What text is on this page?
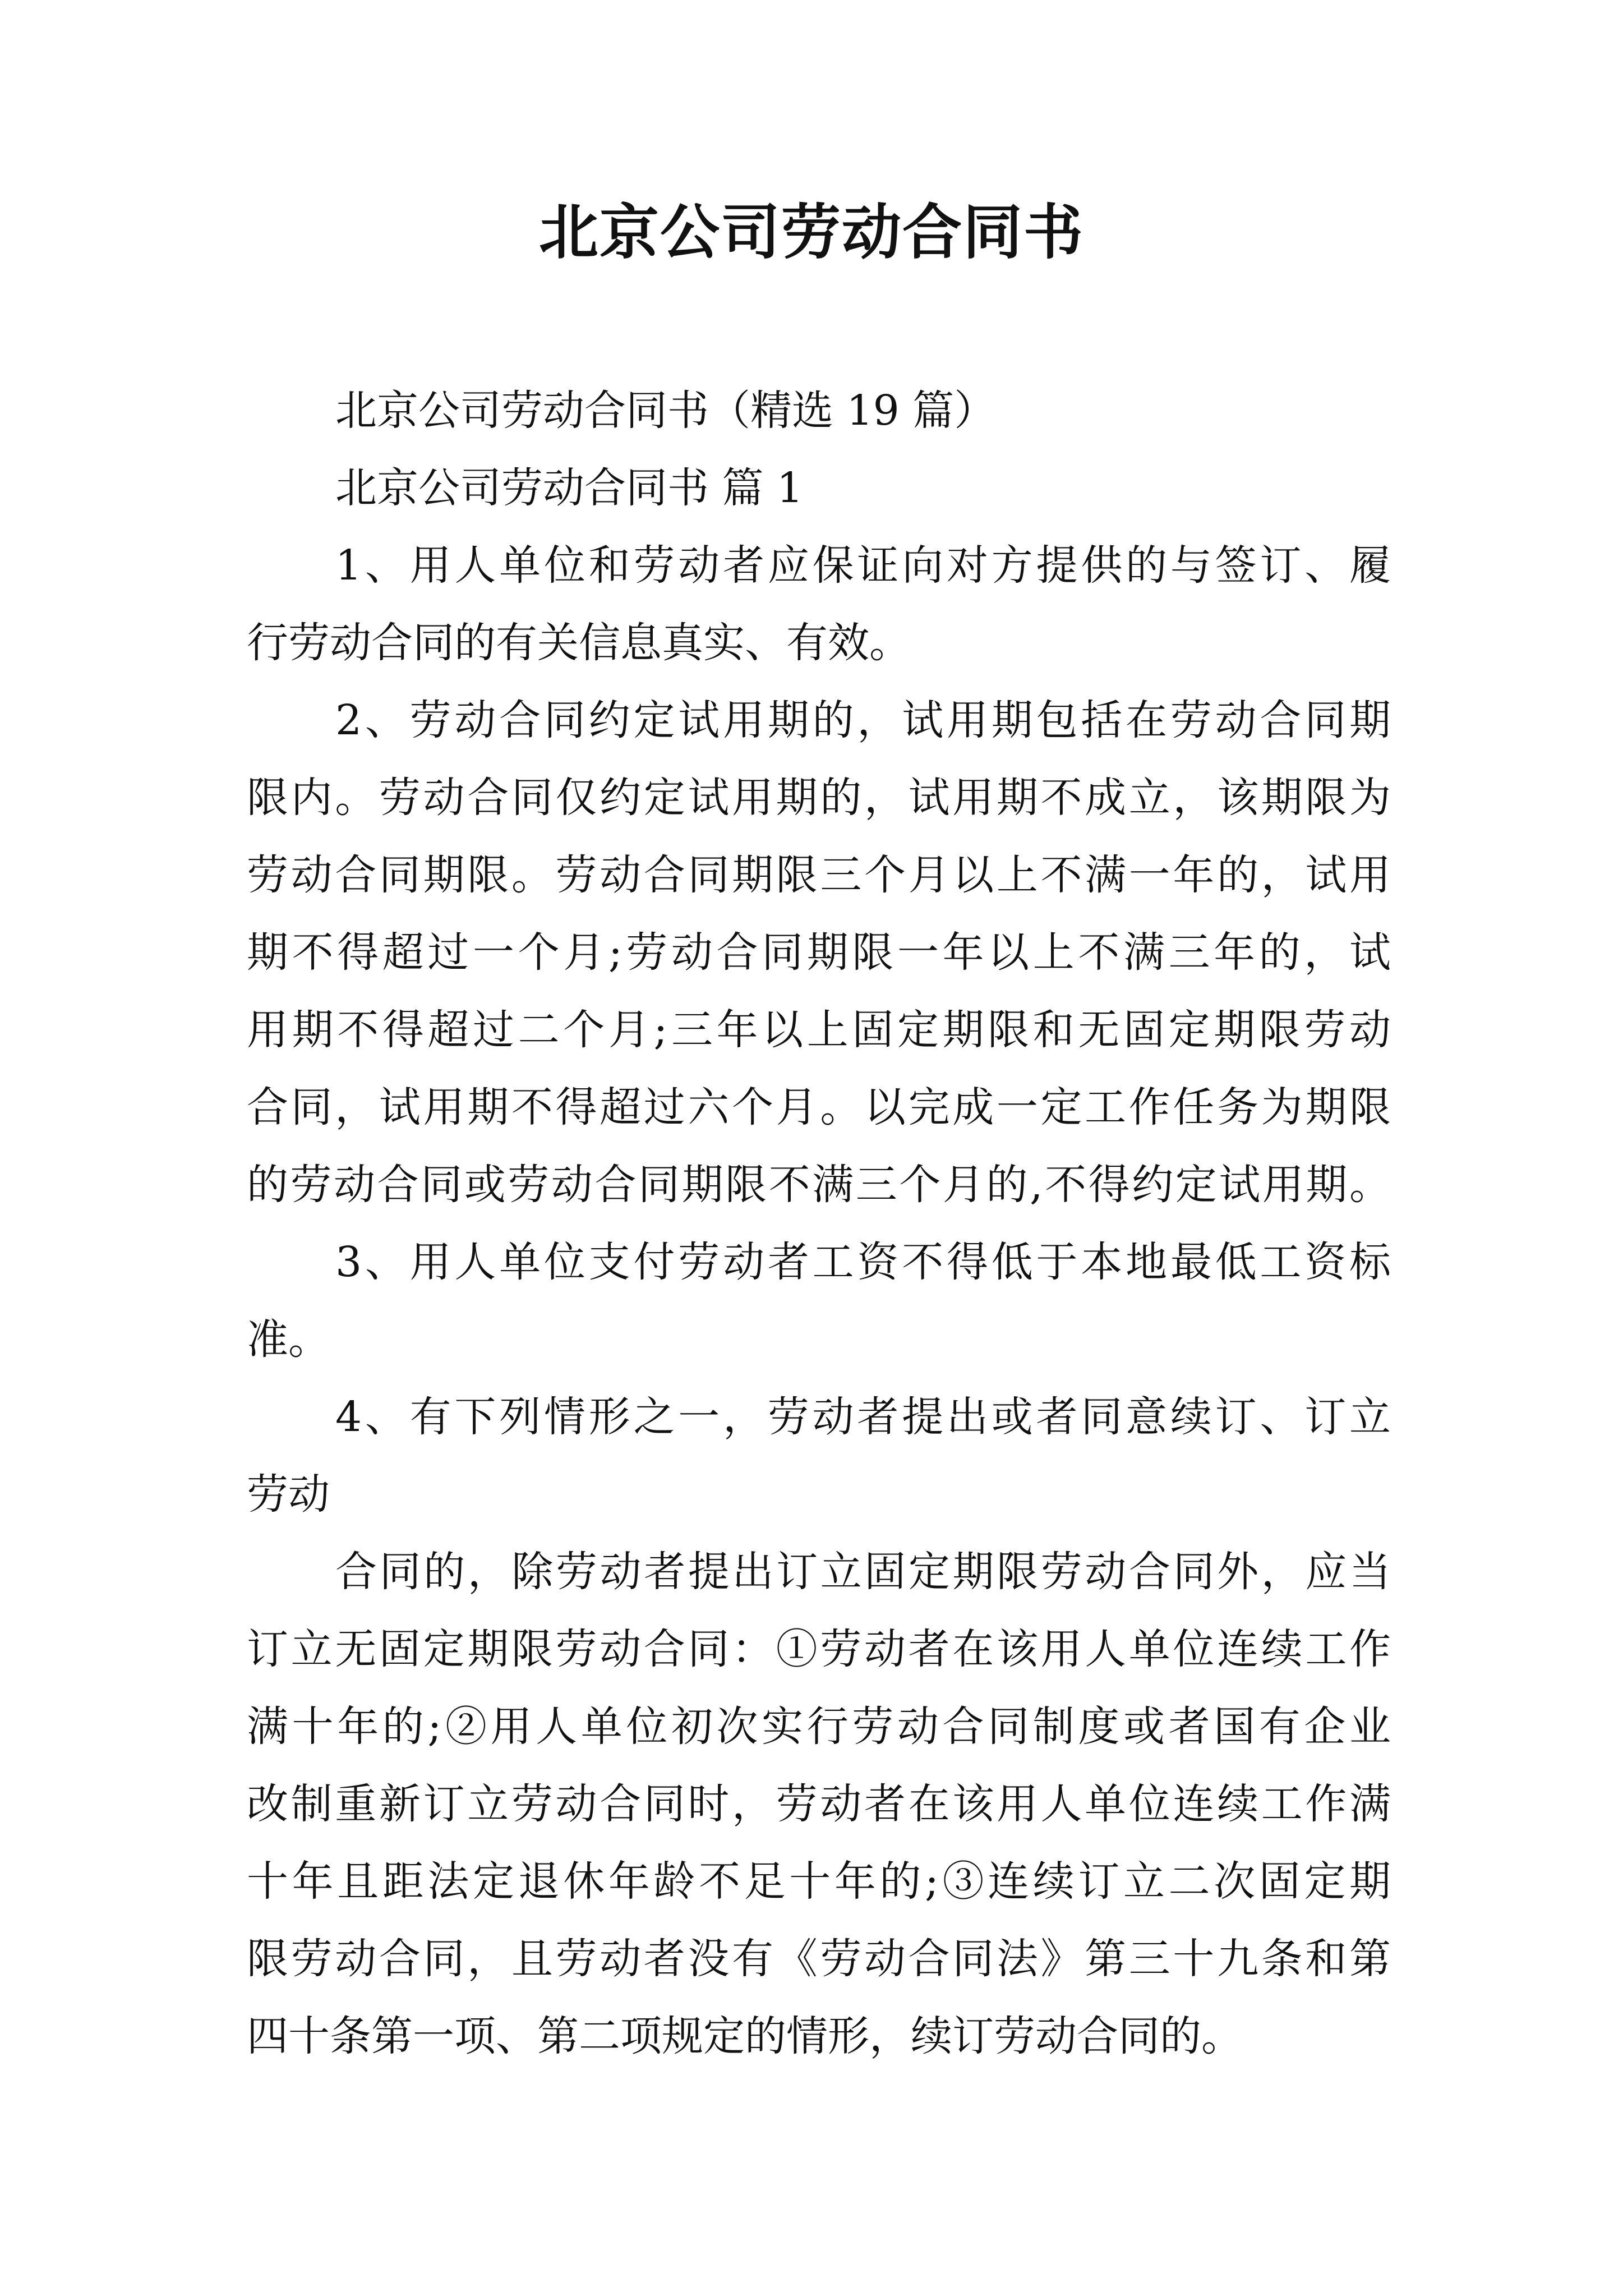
北京公司劳动合同书
北京公司劳动合同书（精选 19 篇）
北京公司劳动合同书 篇 1
1、用人单位和劳动者应保证向对方提供的与签订、履
行劳动合同的有关信息真实、有效。
2、劳动合同约定试用期的，试用期包括在劳动合同期
限内。劳动合同仅约定试用期的，试用期不成立，该期限为
劳动合同期限。劳动合同期限三个月以上不满一年的，试用
期不得超过一个月;劳动合同期限一年以上不满三年的，试
用期不得超过二个月;三年以上固定期限和无固定期限劳动
合同，试用期不得超过六个月。以完成一定工作任务为期限
的劳动合同或劳动合同期限不满三个月的,不得约定试用期。
3、用人单位支付劳动者工资不得低于本地最低工资标
准。
4、有下列情形之一，劳动者提出或者同意续订、订立
劳动
合同的，除劳动者提出订立固定期限劳动合同外，应当
订立无固定期限劳动合同：①劳动者在该用人单位连续工作
满十年的;②用人单位初次实行劳动合同制度或者国有企业
改制重新订立劳动合同时，劳动者在该用人单位连续工作满
十年且距法定退休年龄不足十年的;③连续订立二次固定期
限劳动合同，且劳动者没有《劳动合同法》第三十九条和第
四十条第一项、第二项规定的情形，续订劳动合同的。
